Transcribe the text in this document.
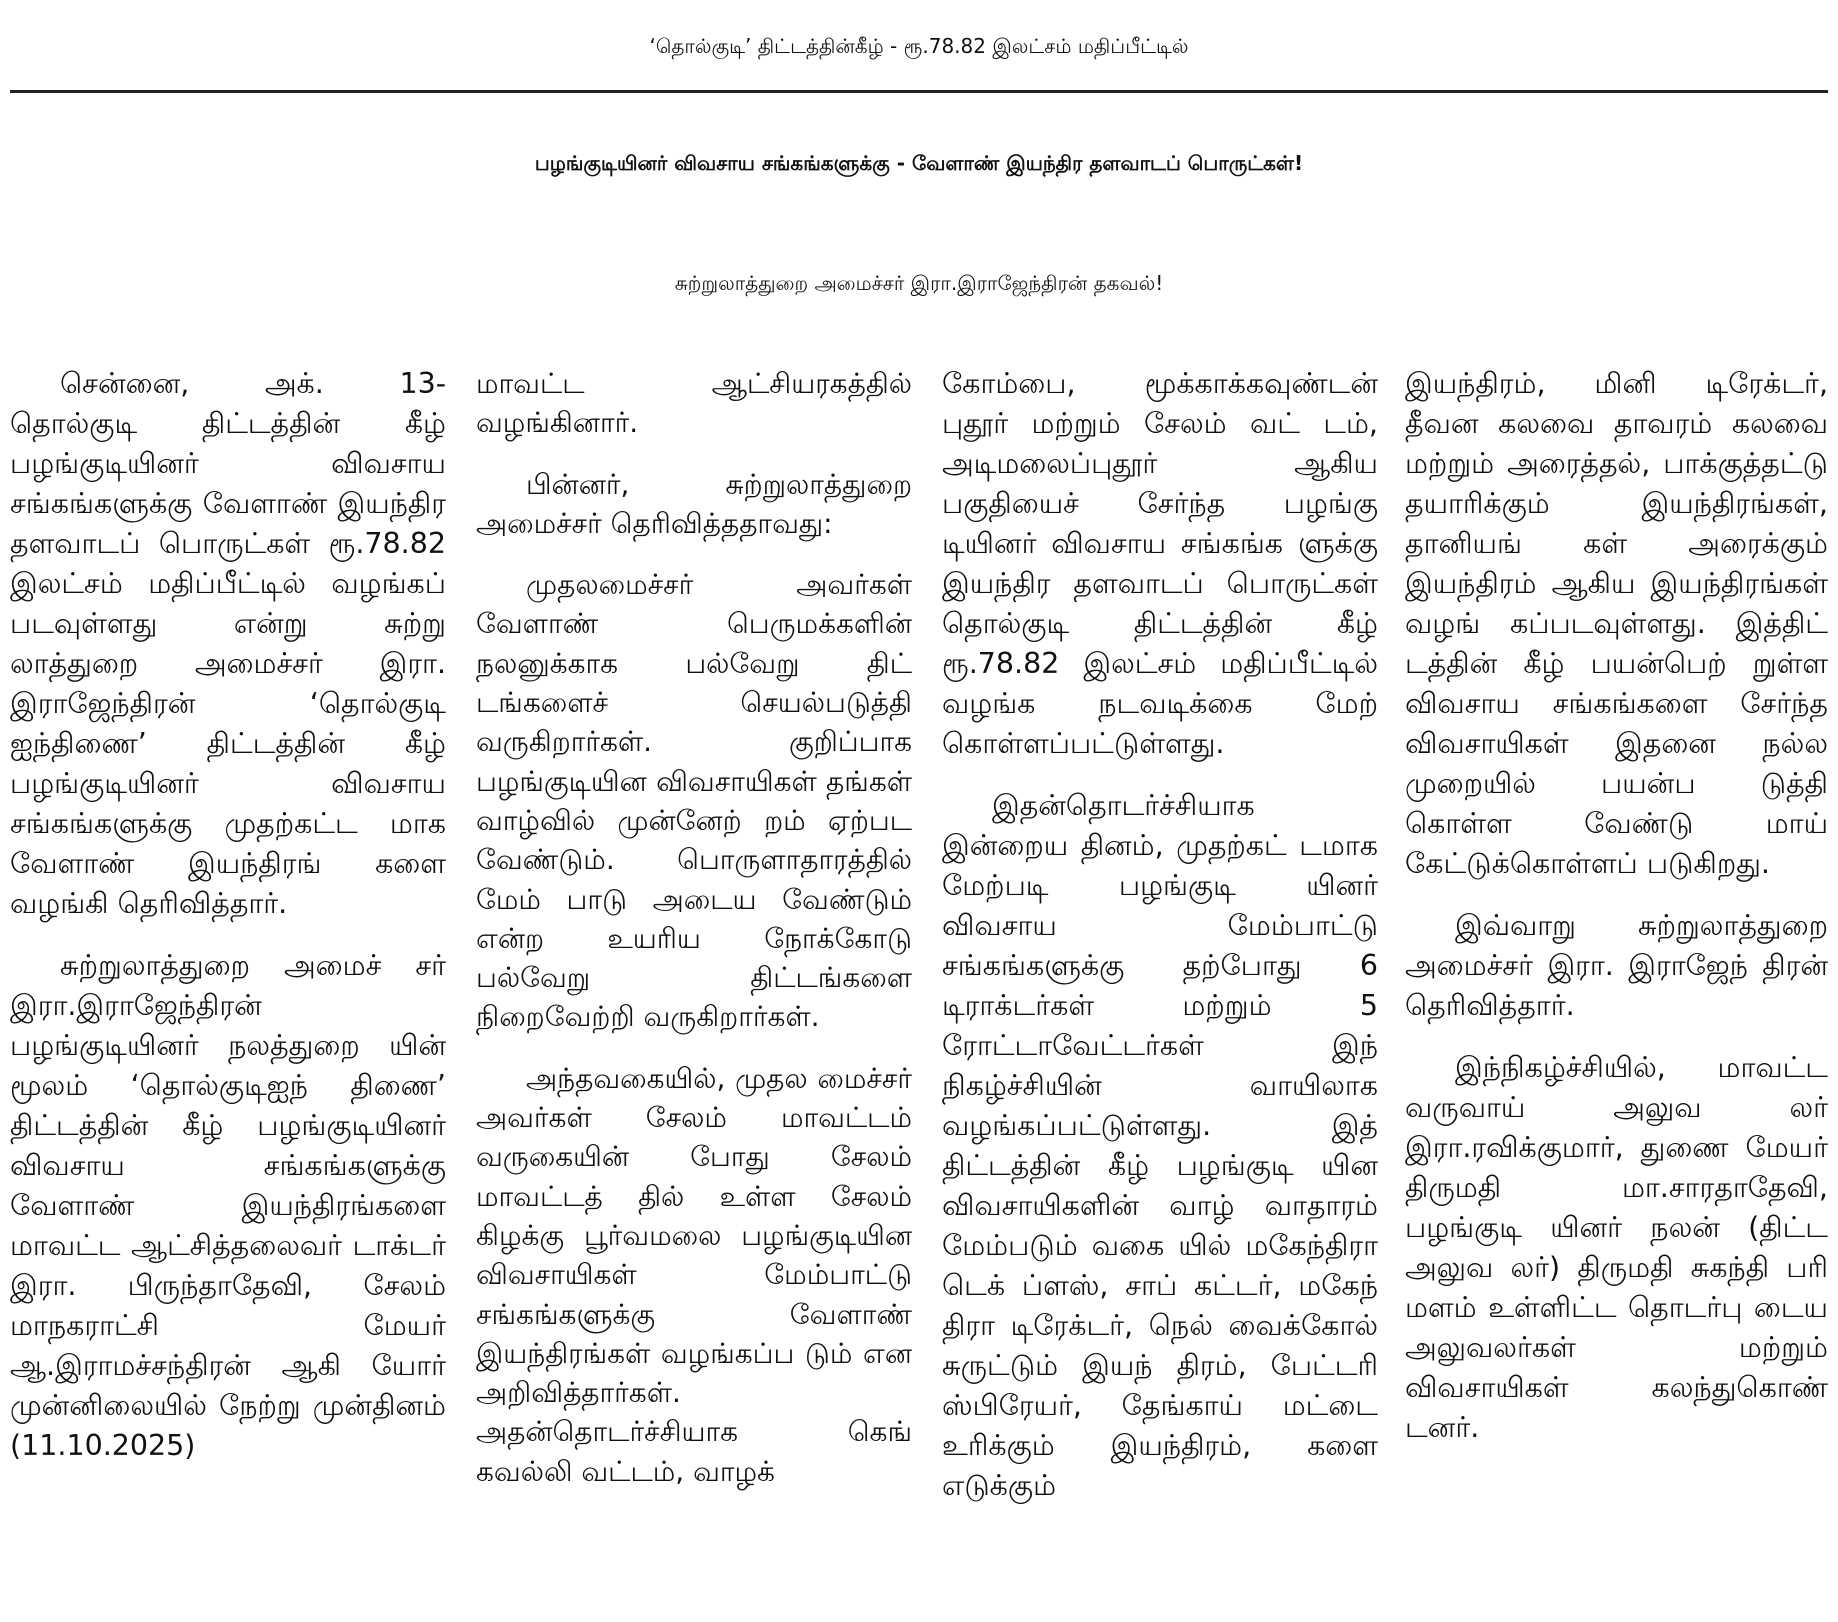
‘தொல்குடி’ திட்டத்தின்கீழ் - ரூ.78.82 இலட்சம் மதிப்பீட்டில்
பழங்குடியினர் விவசாய சங்கங்களுக்கு - வேளாண் இயந்திர தளவாடப் பொருட்கள்!
சுற்றுலாத்துறை அமைச்சர் இரா.இராஜேந்திரன் தகவல்!

சென்னை, அக். 13- தொல்குடி திட்டத்தின் கீழ் பழங்குடியினர் விவசாய சங்கங்களுக்கு வேளாண் இயந்திர தளவாடப் பொருட்கள் ரூ.78.82 இலட்சம் மதிப்பீட்டில் வழங்கப் படவுள்ளது என்று சுற்று லாத்துறை அமைச்சர் இரா. இராஜேந்திரன் ‘தொல்குடி ஐந்திணை’ திட்டத்தின் கீழ் பழங்குடியினர் விவசாய சங்கங்களுக்கு முதற்கட்ட மாக வேளாண் இயந்திரங் களை வழங்கி தெரிவித்தார்.

சுற்றுலாத்துறை அமைச் சர் இரா.இராஜேந்திரன் பழங்குடியினர் நலத்துறை யின் மூலம் ‘தொல்குடிஐந் திணை’ திட்டத்தின் கீழ் பழங்குடியினர் விவசாய சங்கங்களுக்கு வேளாண் இயந்திரங்களை மாவட்ட ஆட்சித்தலைவர் டாக்டர் இரா. பிருந்தாதேவி, சேலம் மாநகராட்சி மேயர் ஆ.இராமச்சந்திரன் ஆகி யோர் முன்னிலையில் நேற்று முன்தினம் (11.10.2025)

மாவட்ட ஆட்சியரகத்தில் வழங்கினார்.

பின்னர், சுற்றுலாத்துறை அமைச்சர் தெரிவித்ததாவது:

முதலமைச்சர் அவர்கள் வேளாண் பெருமக்களின் நலனுக்காக பல்வேறு திட் டங்களைச் செயல்படுத்தி வருகிறார்கள். குறிப்பாக பழங்குடியின விவசாயிகள் தங்கள் வாழ்வில் முன்னேற் றம் ஏற்பட வேண்டும். பொருளாதாரத்தில் மேம் பாடு அடைய வேண்டும் என்ற உயரிய நோக்கோடு பல்வேறு திட்டங்களை நிறைவேற்றி வருகிறார்கள்.

அந்தவகையில், முதல மைச்சர் அவர்கள் சேலம் மாவட்டம் வருகையின் போது சேலம் மாவட்டத் தில் உள்ள சேலம் கிழக்கு பூர்வமலை பழங்குடியின விவசாயிகள் மேம்பாட்டு சங்கங்களுக்கு வேளாண் இயந்திரங்கள் வழங்கப்ப டும் என அறிவித்தார்கள். அதன்தொடர்ச்சியாக கெங் கவல்லி வட்டம், வாழக்

கோம்பை, மூக்காக்கவுண்டன் புதூர் மற்றும் சேலம் வட் டம், அடிமலைப்புதூர் ஆகிய பகுதியைச் சேர்ந்த பழங்கு டியினர் விவசாய சங்கங்க ளுக்கு இயந்திர தளவாடப் பொருட்கள் தொல்குடி திட்டத்தின் கீழ் ரூ.78.82 இலட்சம் மதிப்பீட்டில் வழங்க நடவடிக்கை மேற் கொள்ளப்பட்டுள்ளது.

இதன்தொடர்ச்சியாக இன்றைய தினம், முதற்கட் டமாக மேற்படி பழங்குடி யினர் விவசாய மேம்பாட்டு சங்கங்களுக்கு தற்போது 6 டிராக்டர்கள் மற்றும் 5 ரோட்டாவேட்டர்கள் இந் நிகழ்ச்சியின் வாயிலாக வழங்கப்பட்டுள்ளது. இத் திட்டத்தின் கீழ் பழங்குடி யின விவசாயிகளின் வாழ் வாதாரம் மேம்படும் வகை யில் மகேந்திரா டெக் ப்ளஸ், சாப் கட்டர், மகேந் திரா டிரேக்டர், நெல் வைக்கோல் சுருட்டும் இயந் திரம், பேட்டரி ஸ்பிரேயர், தேங்காய் மட்டை உரிக்கும் இயந்திரம், களை எடுக்கும்

இயந்திரம், மினி டிரேக்டர், தீவன கலவை தாவரம் கலவை மற்றும் அரைத்தல், பாக்குத்தட்டு தயாரிக்கும் இயந்திரங்கள், தானியங் கள் அரைக்கும் இயந்திரம் ஆகிய இயந்திரங்கள் வழங் கப்படவுள்ளது. இத்திட் டத்தின் கீழ் பயன்பெற் றுள்ள விவசாய சங்கங்களை சேர்ந்த விவசாயிகள் இதனை நல்ல முறையில் பயன்ப டுத்தி கொள்ள வேண்டு மாய் கேட்டுக்கொள்ளப் படுகிறது.

இவ்வாறு சுற்றுலாத்துறை அமைச்சர் இரா. இராஜேந் திரன் தெரிவித்தார்.

இந்நிகழ்ச்சியில், மாவட்ட வருவாய் அலுவ லர் இரா.ரவிக்குமார், துணை மேயர் திருமதி மா.சாரதாதேவி, பழங்குடி யினர் நலன் (திட்ட அலுவ லர்) திருமதி சுகந்தி பரி மளம் உள்ளிட்ட தொடர்பு டைய அலுவலர்கள் மற்றும் விவசாயிகள் கலந்துகொண் டனர்.
